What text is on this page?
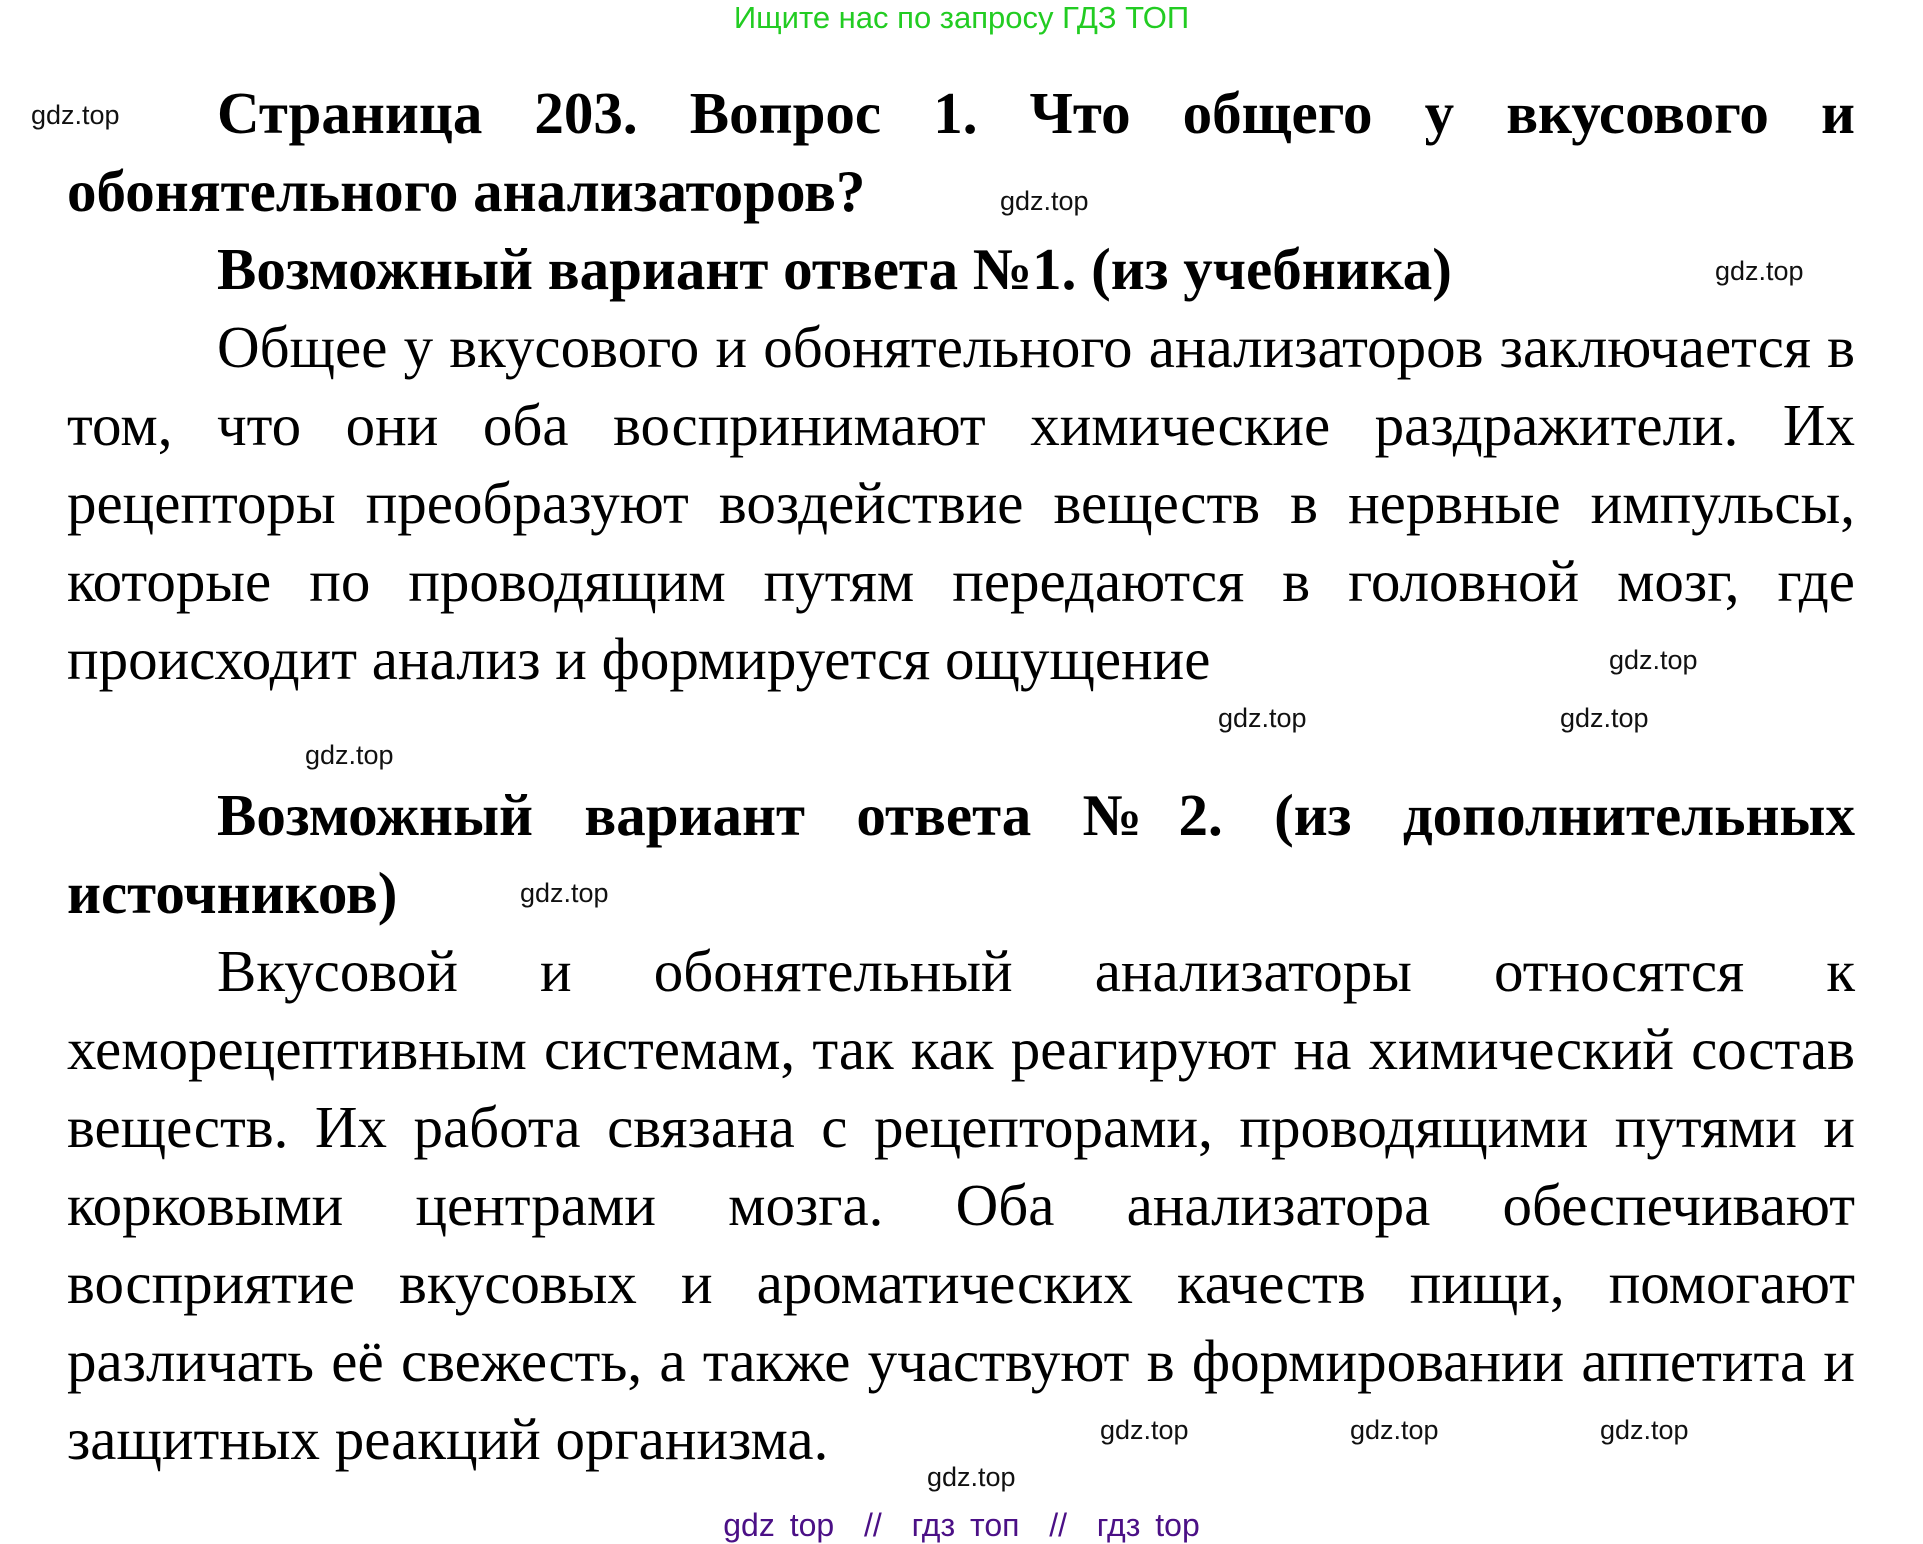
Ищите нас по запросу ГДЗ ТОП
Страница 203. Вопрос 1. Что общего у вкусового и
обонятельного анализаторов?
Возможный вариант ответа №1. (из учебника)
Общее у вкусового и обонятельного анализаторов заключается в
том, что они оба воспринимают химические раздражители. Их
рецепторы преобразуют воздействие веществ в нервные импульсы,
которые по проводящим путям передаются в головной мозг, где
происходит анализ и формируется ощущение
Возможный вариант ответа №2. (из дополнительных
источников)
Вкусовой и обонятельный анализаторы относятся к
хеморецептивным системам, так как реагируют на химический состав
веществ. Их работа связана с рецепторами, проводящими путями и
корковыми центрами мозга. Оба анализатора обеспечивают
восприятие вкусовых и ароматических качеств пищи, помогают
различать её свежесть, а также участвуют в формировании аппетита и
защитных реакций организма.
gdz.top
gdz.top
gdz.top
gdz.top
gdz.top
gdz.top
gdz.top
gdz.top
gdz.top	gdz.top	gdz.top
gdz.top
gdz top  //  гдз топ  //  гдз top
